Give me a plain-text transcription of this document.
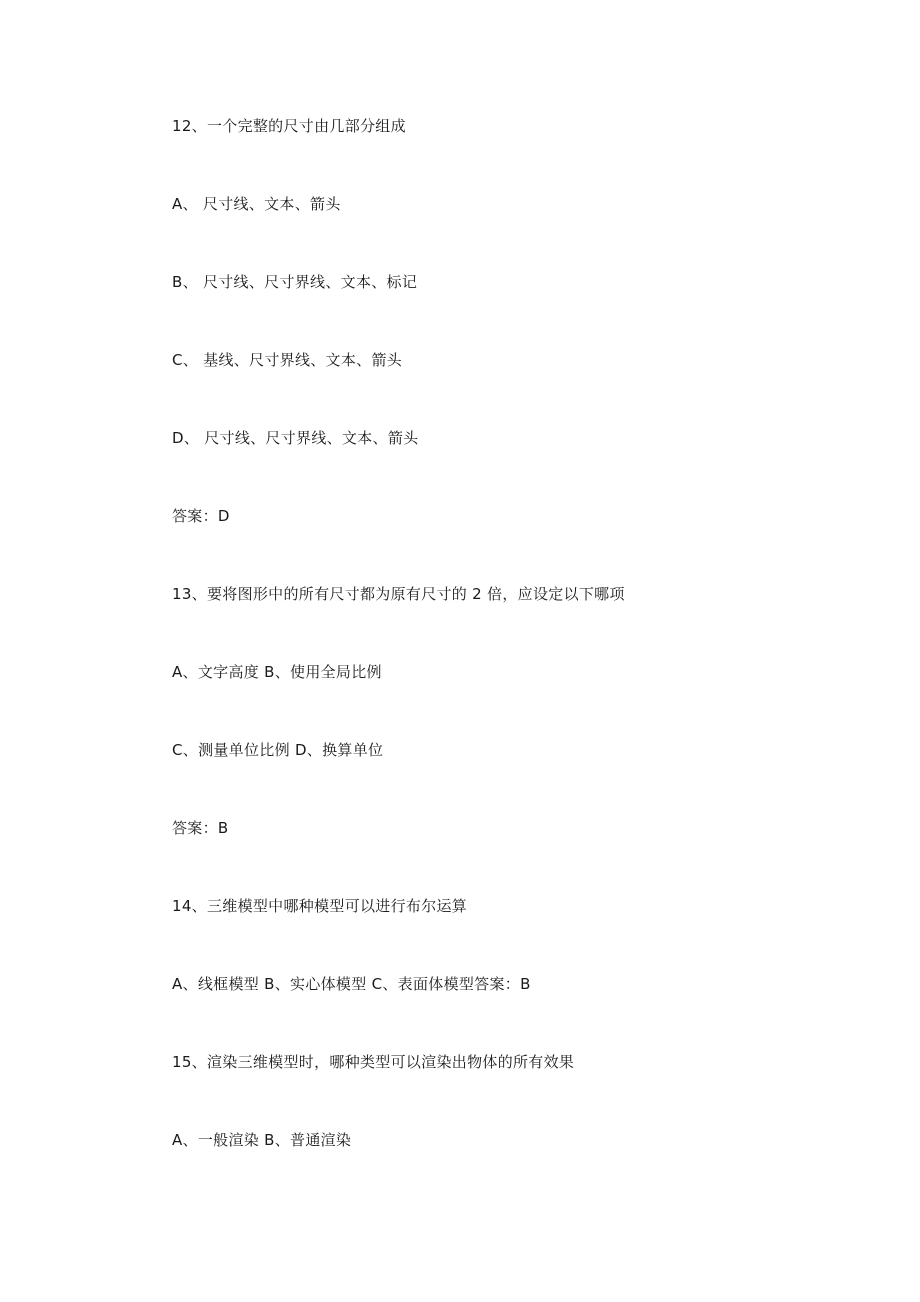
12、一个完整的尺寸由几部分组成
A、 尺寸线、文本、箭头
B、 尺寸线、尺寸界线、文本、标记
C、 基线、尺寸界线、文本、箭头
D、 尺寸线、尺寸界线、文本、箭头
答案：D
13、要将图形中的所有尺寸都为原有尺寸的 2 倍，应设定以下哪项
A、文字高度 B、使用全局比例
C、测量单位比例 D、换算单位
答案：B
14、三维模型中哪种模型可以进行布尔运算
A、线框模型 B、实心体模型 C、表面体模型答案：B
15、渲染三维模型时，哪种类型可以渲染出物体的所有效果
A、一般渲染 B、普通渲染
